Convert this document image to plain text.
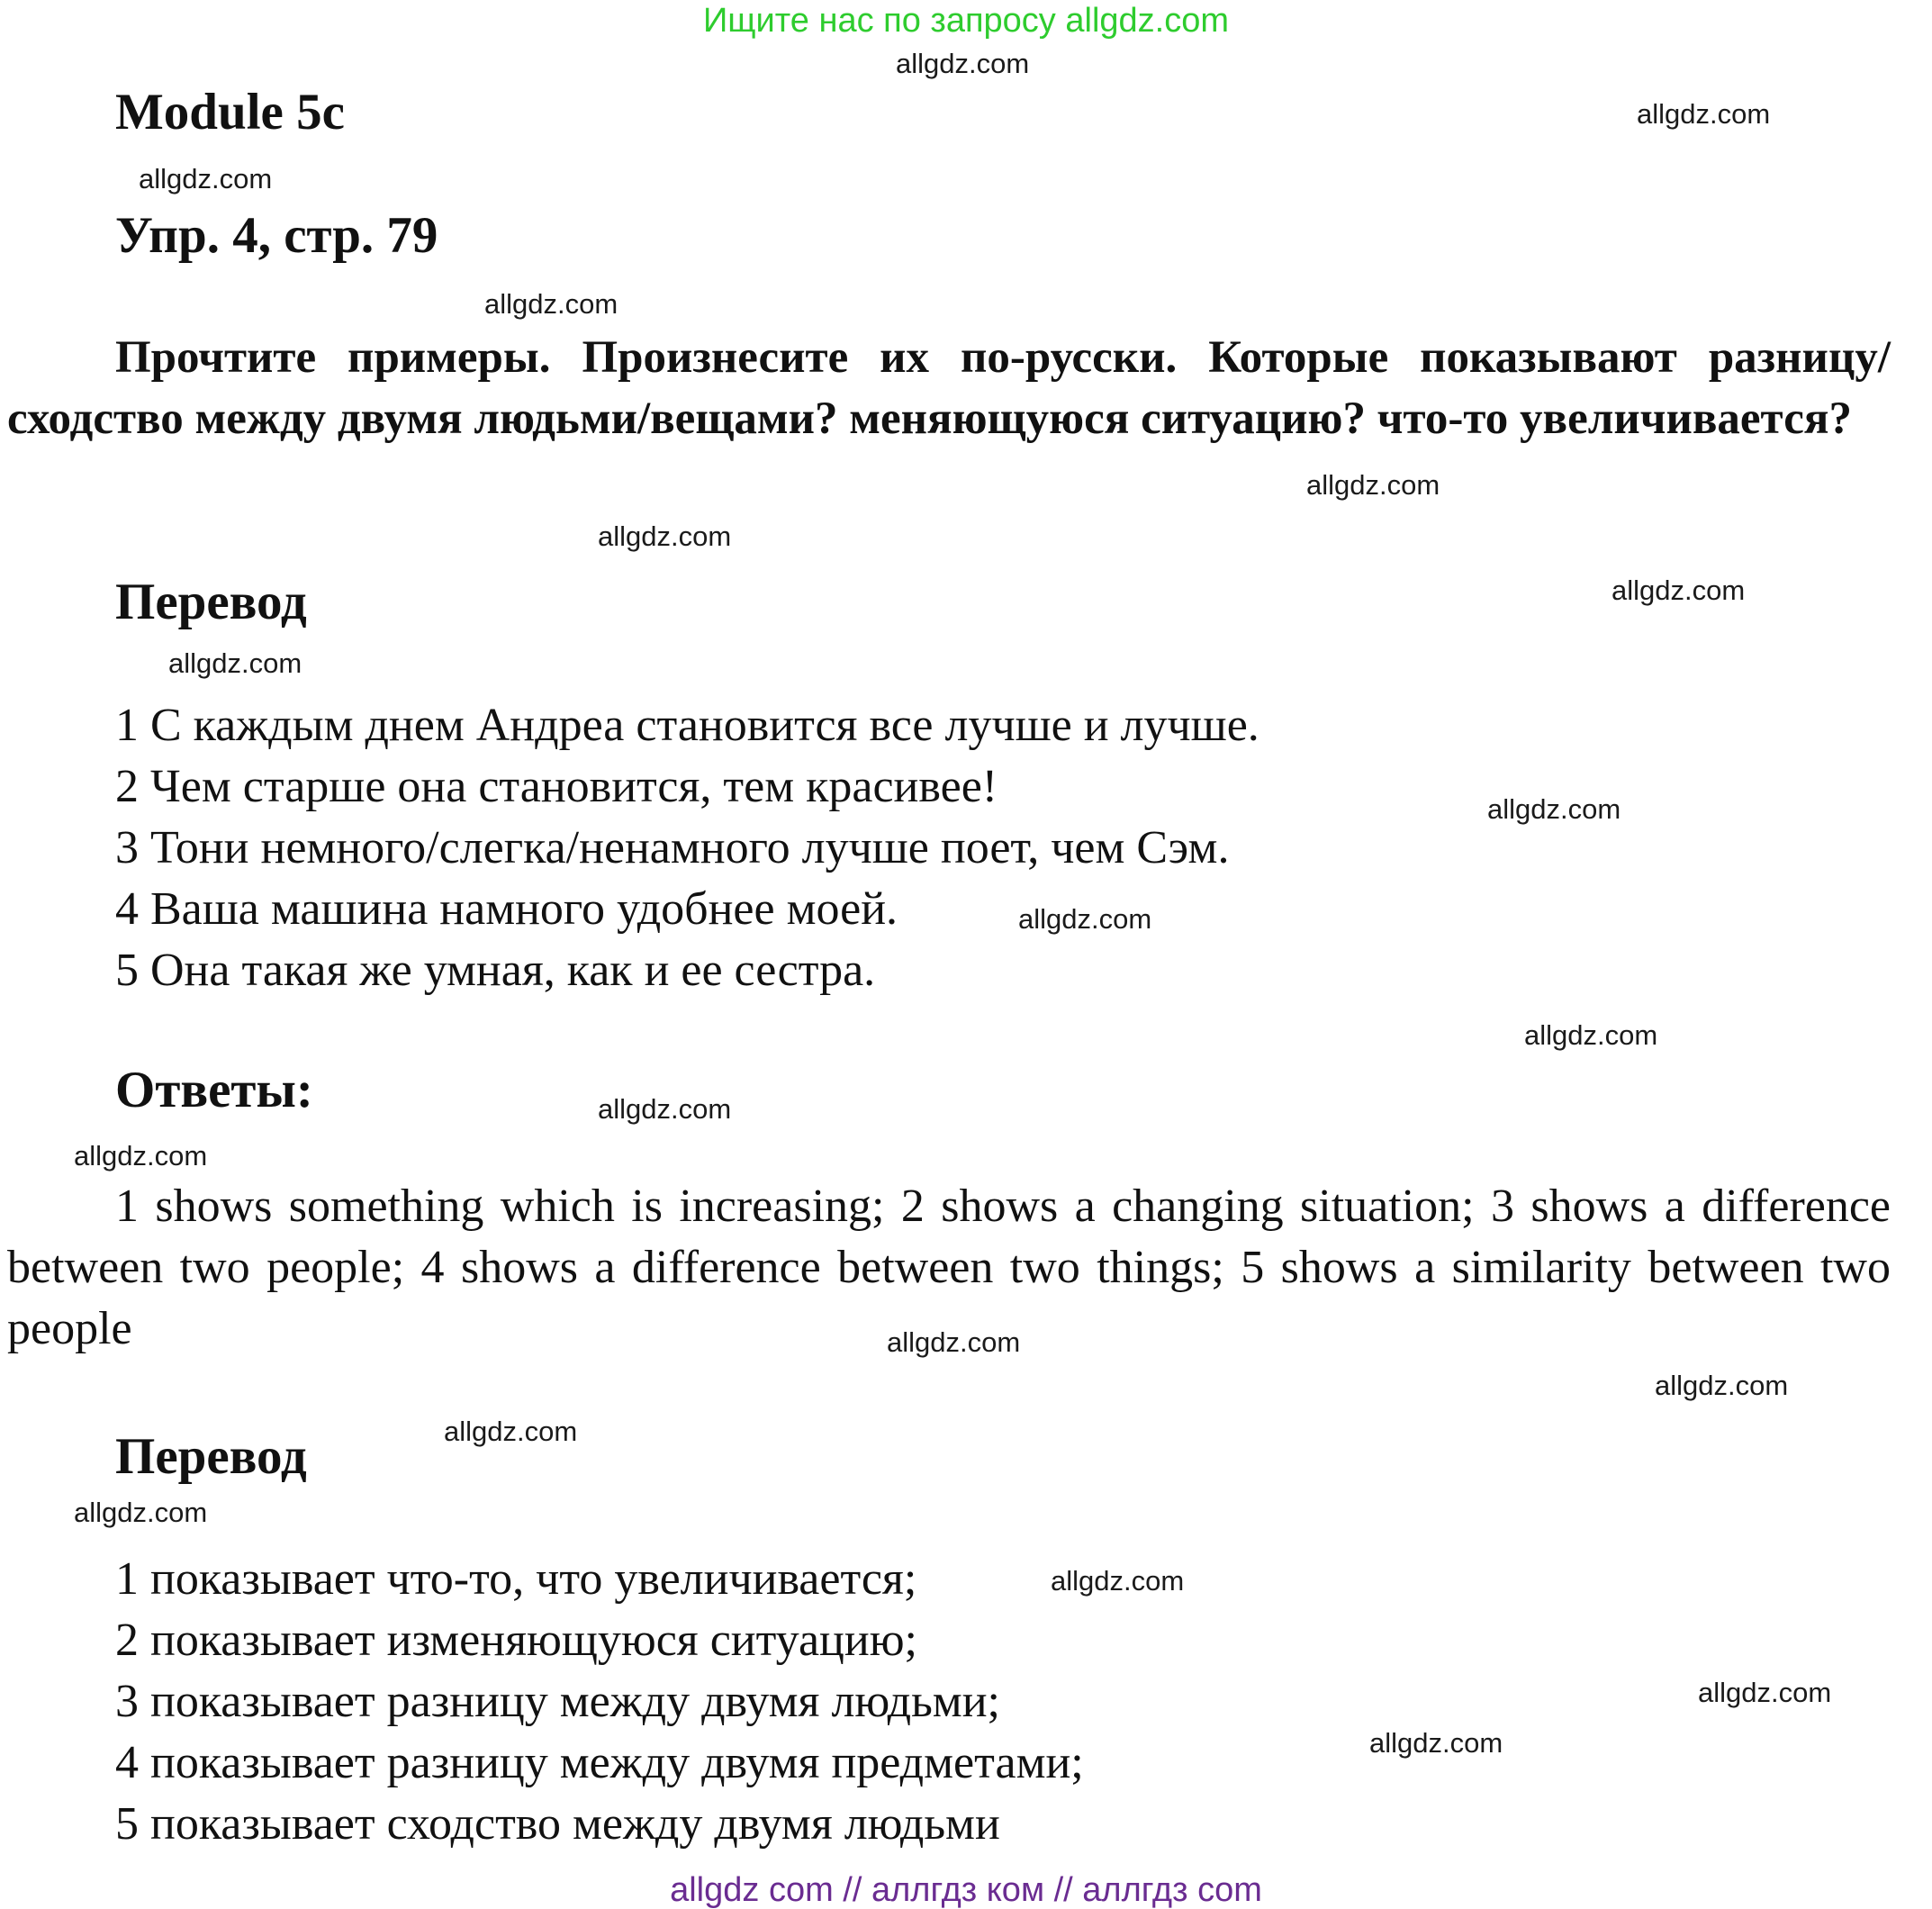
Ищите нас по запросу allgdz.com
Module 5c
Упр. 4, стр. 79
Прочтите примеры. Произнесите их по-русски. Которые показывают разницу/сходство между двумя людьми/вещами? меняющуюся ситуацию? что-то увеличивается?
Перевод
1 С каждым днем Андреа становится все лучше и лучше.
2 Чем старше она становится, тем красивее!
3 Тони немного/слегка/ненамного лучше поет, чем Сэм.
4 Ваша машина намного удобнее моей.
5 Она такая же умная, как и ее сестра.
Ответы:
1 shows something which is increasing; 2 shows a changing situation; 3 shows a difference between two people; 4 shows a difference between two things; 5 shows a similarity between two people
Перевод
1 показывает что-то, что увеличивается;
2 показывает изменяющуюся ситуацию;
3 показывает разницу между двумя людьми;
4 показывает разницу между двумя предметами;
5 показывает сходство между двумя людьми
allgdz.com
allgdz.com
allgdz.com
allgdz.com
allgdz.com
allgdz.com
allgdz.com
allgdz.com
allgdz.com
allgdz.com
allgdz.com
allgdz.com
allgdz.com
allgdz.com
allgdz.com
allgdz.com
allgdz.com
allgdz.com
allgdz.com
allgdz.com
allgdz com // аллгдз ком // аллгдз com
